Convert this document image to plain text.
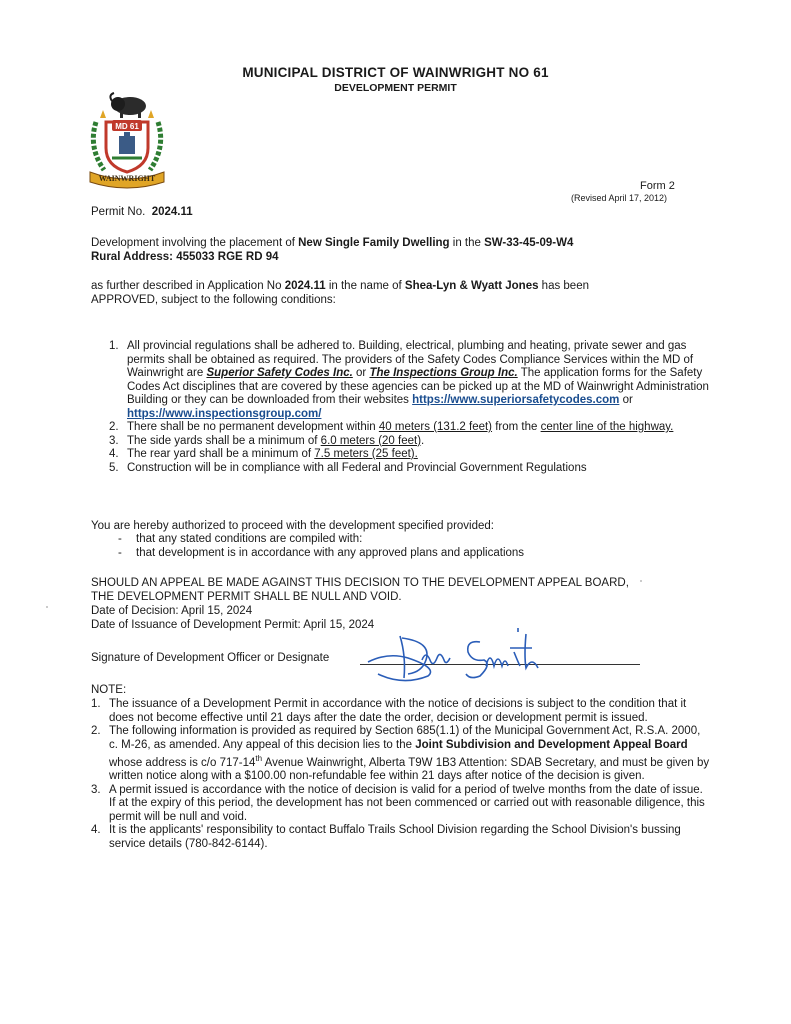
MUNICIPAL DISTRICT OF WAINWRIGHT NO 61
DEVELOPMENT PERMIT
MD 61
WAINWRIGHT
Form 2
(Revised April 17, 2012)
Permit No. 2024.11
Development involving the placement of New Single Family Dwelling in the SW-33-45-09-W4
Rural Address: 455033 RGE RD 94
as further described in Application No 2024.11 in the name of Shea-Lyn & Wyatt Jones has been
APPROVED, subject to the following conditions:
1. All provincial regulations shall be adhered to. Building, electrical, plumbing and heating, private sewer and gas permits shall be obtained as required. The providers of the Safety Codes Compliance Services within the MD of Wainwright are Superior Safety Codes Inc. or The Inspections Group Inc. The application forms for the Safety Codes Act disciplines that are covered by these agencies can be picked up at the MD of Wainwright Administration Building or they can be downloaded from their websites https://www.superiorsafetycodes.com or https://www.inspectionsgroup.com/
2. There shall be no permanent development within 40 meters (131.2 feet) from the center line of the highway.
3. The side yards shall be a minimum of 6.0 meters (20 feet).
4. The rear yard shall be a minimum of 7.5 meters (25 feet).
5. Construction will be in compliance with all Federal and Provincial Government Regulations
You are hereby authorized to proceed with the development specified provided:
- that any stated conditions are compiled with:
- that development is in accordance with any approved plans and applications
SHOULD AN APPEAL BE MADE AGAINST THIS DECISION TO THE DEVELOPMENT APPEAL BOARD,
THE DEVELOPMENT PERMIT SHALL BE NULL AND VOID.
Date of Decision: April 15, 2024
Date of Issuance of Development Permit: April 15, 2024
Signature of Development Officer or Designate
NOTE:
1. The issuance of a Development Permit in accordance with the notice of decisions is subject to the condition that it does not become effective until 21 days after the date the order, decision or development permit is issued.
2. The following information is provided as required by Section 685(1.1) of the Municipal Government Act, R.S.A. 2000, c. M-26, as amended. Any appeal of this decision lies to the Joint Subdivision and Development Appeal Board whose address is c/o 717-14th Avenue Wainwright, Alberta T9W 1B3 Attention: SDAB Secretary, and must be given by written notice along with a $100.00 non-refundable fee within 21 days after notice of the decision is given.
3. A permit issued is accordance with the notice of decision is valid for a period of twelve months from the date of issue. If at the expiry of this period, the development has not been commenced or carried out with reasonable diligence, this permit will be null and void.
4. It is the applicants' responsibility to contact Buffalo Trails School Division regarding the School Division's bussing service details (780-842-6144).
